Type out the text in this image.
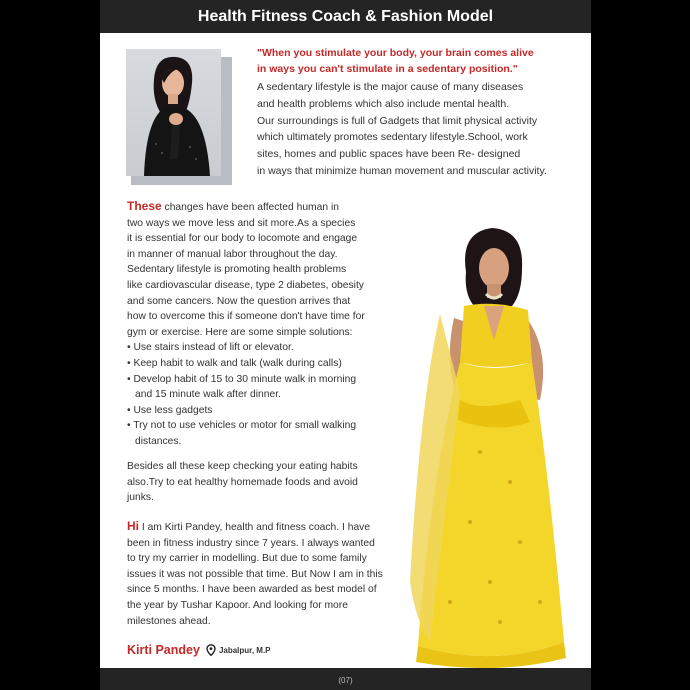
Health Fitness Coach & Fashion Model
"When you stimulate your body, your brain comes alive
in ways you can't stimulate in a sedentary position."
A sedentary lifestyle is the major cause of many diseases
and health problems which also include mental health.
Our surroundings is full of Gadgets that limit physical activity
which ultimately promotes sedentary lifestyle.School, work
sites, homes and public spaces have been Re- designed
in ways that minimize human movement and muscular activity.
These changes have been affected human in
two ways we move less and sit more.As a species
it is essential for our body to locomote and engage
in manner of manual labor throughout the day.
Sedentary lifestyle is promoting health problems
like cardiovascular disease, type 2 diabetes, obesity
and some cancers. Now the question arrives that
how to overcome this if someone don't have time for
gym or exercise. Here are some simple solutions:
• Use stairs instead of lift or elevator.
• Keep habit to walk and talk (walk during calls)
• Develop habit of 15 to 30 minute walk in morning
and 15 minute walk after dinner.
• Use less gadgets
• Try not to use vehicles or motor for small walking
distances.
Besides all these keep checking your eating habits
also.Try to eat healthy homemade foods and avoid
junks.
Hi I am Kirti Pandey, health and fitness coach. I have
been in fitness industry since 7 years. I always wanted
to try my carrier in modelling. But due to some family
issues it was not possible that time. But Now I am in this
since 5 months. I have been awarded as best model of
the year by Tushar Kapoor. And looking for more
milestones ahead.
Kirti Pandey Jabalpur, M.P
(07)
